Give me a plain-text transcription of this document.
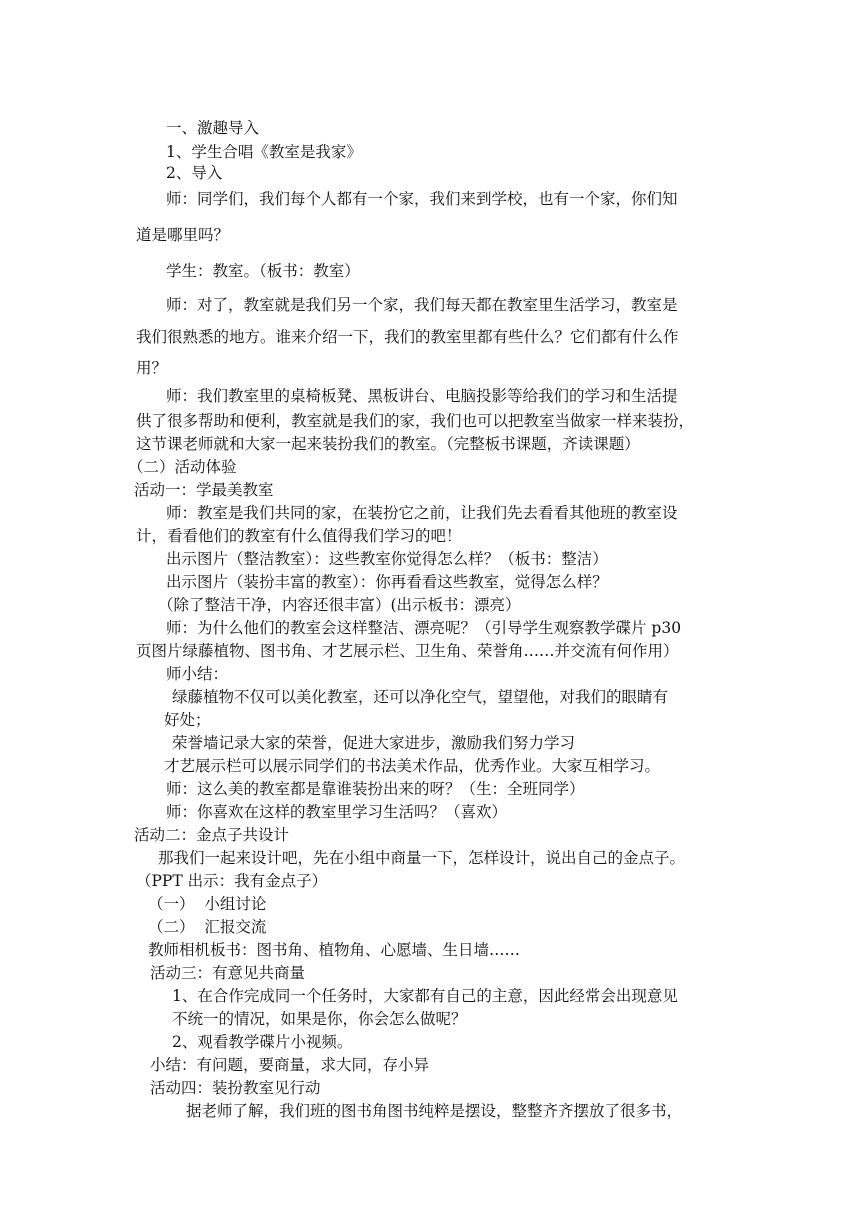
一、激趣导入
1、学生合唱《教室是我家》
2、导入
师：同学们，我们每个人都有一个家，我们来到学校，也有一个家，你们知
道是哪里吗？
学生：教室。（板书：教室）
师：对了，教室就是我们另一个家，我们每天都在教室里生活学习，教室是
我们很熟悉的地方。谁来介绍一下，我们的教室里都有些什么？它们都有什么作
用？
师：我们教室里的桌椅板凳、黑板讲台、电脑投影等给我们的学习和生活提
供了很多帮助和便利，教室就是我们的家，我们也可以把教室当做家一样来装扮，
这节课老师就和大家一起来装扮我们的教室。（完整板书课题，齐读课题）
（二）活动体验
活动一：学最美教室
师：教室是我们共同的家，在装扮它之前，让我们先去看看其他班的教室设
计，看看他们的教室有什么值得我们学习的吧！
出示图片（整洁教室）：这些教室你觉得怎么样？（板书：整洁）
出示图片（装扮丰富的教室）：你再看看这些教室，觉得怎么样？
（除了整洁干净，内容还很丰富）(出示板书：漂亮）
师：为什么他们的教室会这样整洁、漂亮呢？（引导学生观察教学碟片 p30
页图片绿藤植物、图书角、才艺展示栏、卫生角、荣誉角……并交流有何作用）
师小结：
绿藤植物不仅可以美化教室，还可以净化空气，望望他，对我们的眼睛有
好处；
荣誉墙记录大家的荣誉，促进大家进步，激励我们努力学习
才艺展示栏可以展示同学们的书法美术作品，优秀作业。大家互相学习。
师：这么美的教室都是靠谁装扮出来的呀？（生：全班同学）
师：你喜欢在这样的教室里学习生活吗？（喜欢）
活动二：金点子共设计
那我们一起来设计吧，先在小组中商量一下，怎样设计，说出自己的金点子。
（PPT 出示：我有金点子）
（一）  小组讨论
（二）  汇报交流
教师相机板书：图书角、植物角、心愿墙、生日墙……
活动三：有意见共商量
1、在合作完成同一个任务时，大家都有自己的主意，因此经常会出现意见
不统一的情况，如果是你，你会怎么做呢？
2、观看教学碟片小视频。
小结：有问题，要商量，求大同，存小异
活动四：装扮教室见行动
据老师了解，我们班的图书角图书纯粹是摆设，整整齐齐摆放了很多书，
